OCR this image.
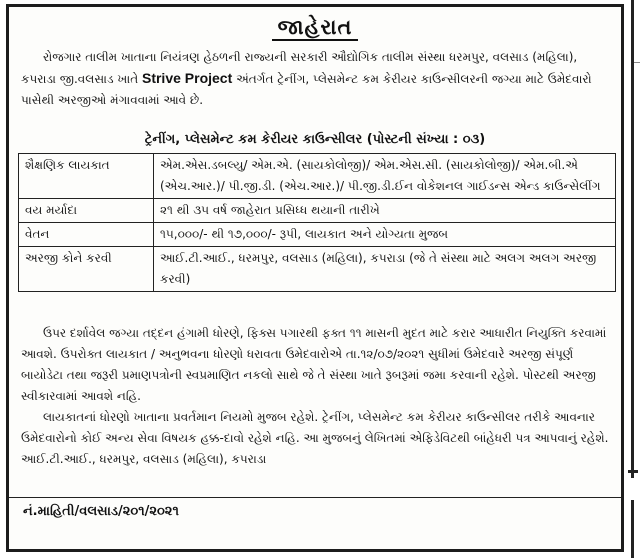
જાહેરાત

રોજગાર તાલીમ ખાતાના નિયંત્રણ હેઠળની રાજ્યની સરકારી ઔદ્યોગિક તાલીમ સંસ્થા ધરમપુર, વલસાડ (મહિલા), કપરાડા જી.વલસાડ ખાતે Strive Project અંતર્ગત ટ્રેનીંગ, પ્લેસમેન્ટ કમ કેરીયર કાઉન્સીલરની જગ્યા માટે ઉમેદવારો પાસેથી અરજીઓ મંગાવવામાં આવે છે.

ટ્રેનીંગ, પ્લેસમેન્ટ કમ કેરીયર કાઉન્સીલર (પોસ્ટની સંખ્યા : ૦૩)
શૈક્ષણિક લાયકાત	એમ.એસ.ડબલ્યુ/ એમ.એ. (સાયકોલોજી)/ એમ.એસ.સી. (સાયકોલોજી)/ એમ.બી.એ (એચ.આર.)/ પી.જી.ડી. (એચ.આર.)/ પી.જી.ડી.ઈન વોકેશનલ ગાઈડન્સ એન્ડ કાઉન્સેલીંગ
વય મર્યાદા	૨૧ થી ૩૫ વર્ષ જાહેરાત પ્રસિધ્ધ થયાની તારીખે
વેતન	૧૫,૦૦૦/- થી ૧૭,૦૦૦/- રૂપી, લાયકાત અને યોગ્યતા મુજબ
અરજી કોને કરવી	આઈ.ટી.આઈ., ધરમપુર, વલસાડ (મહિલા), કપરાડા (જે તે સંસ્થા માટે અલગ અલગ અરજી કરવી)

ઉપર દર્શાવેલ જગ્યા તદ્દન હંગામી ધોરણે, ફિક્સ પગારથી ફક્ત ૧૧ માસની મુદત માટે કરાર આધારીત નિયુક્તિ કરવામાં આવશે. ઉપરોક્ત લાયકાત / અનુભવના ધોરણો ધરાવતા ઉમેદવારોએ તા.૧૨/૦૭/૨૦૨૧ સુધીમાં ઉમેદવારે અરજી સંપૂર્ણ બાયોડેટા તથા જરૂરી પ્રમાણપત્રોની સ્વપ્રમાણિત નકલો સાથે જે તે સંસ્થા ખાતે રૂબરૂમાં જમા કરવાની રહેશે. પોસ્ટથી અરજી સ્વીકારવામાં આવશે નહિ.

લાયકાતનાં ધોરણો ખાતાના પ્રવર્તમાન નિયમો મુજબ રહેશે. ટ્રેનીંગ, પ્લેસમેન્ટ કમ કેરીયર કાઉન્સીલર તરીકે આવનાર ઉમેદવારોનો કોઈ અન્ય સેવા વિષયક હક્ક-દાવો રહેશે નહિ. આ મુજબનું લેખિતમાં એફિડેવિટથી બાંહેધરી પત્ર આપવાનું રહેશે.

આઈ.ટી.આઈ., ધરમપુર, વલસાડ (મહિલા), કપરાડા

નં.માહિતી/વલસાડ/૨૦૧/૨૦૨૧
